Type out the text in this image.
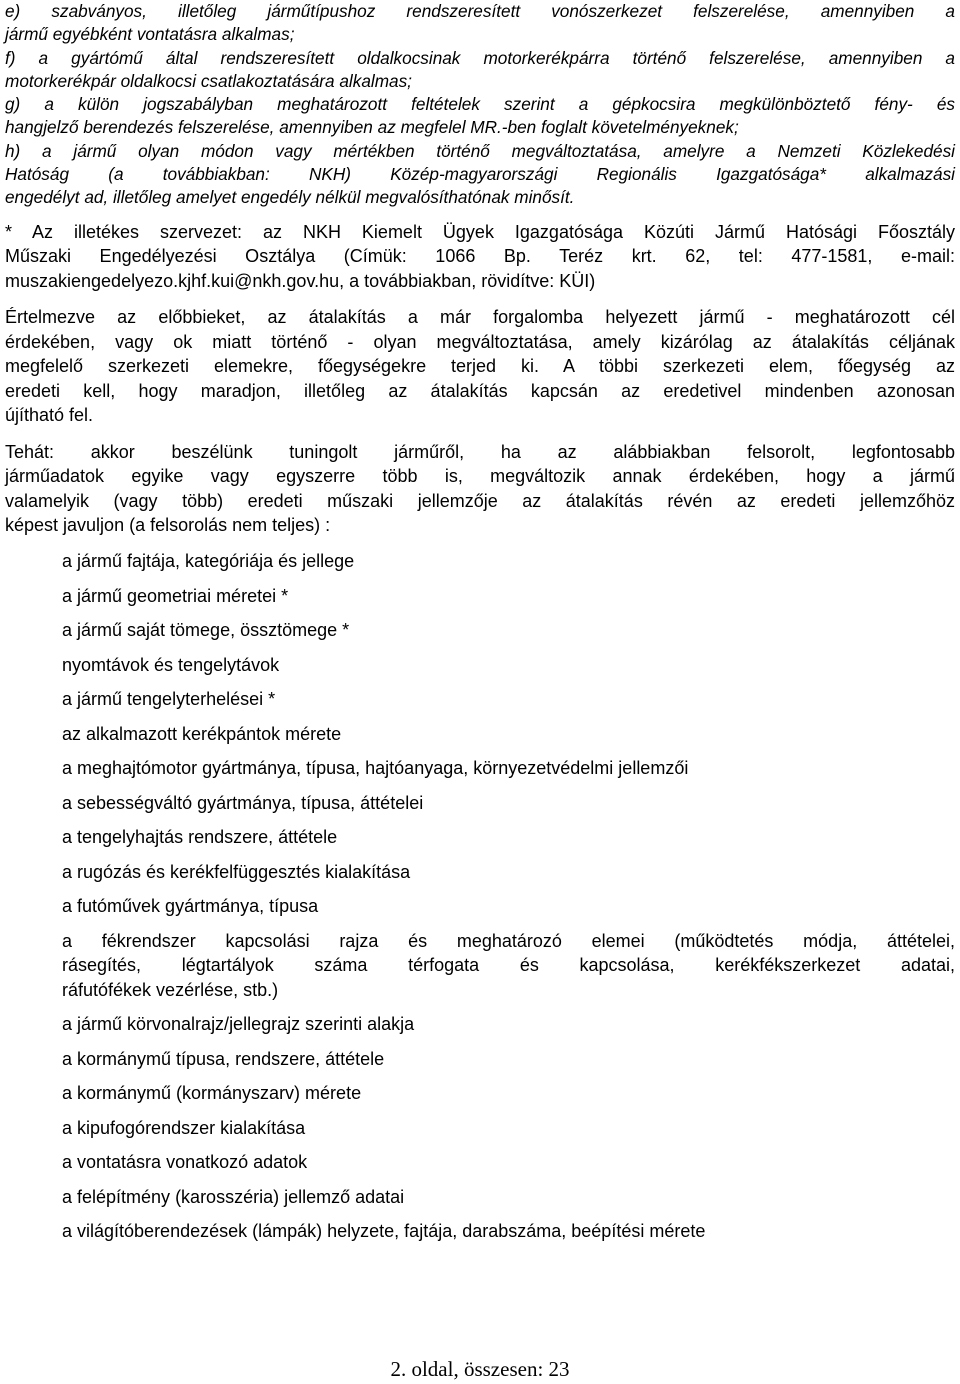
e) szabványos, illetőleg járműtípushoz rendszeresített vonószerkezet felszerelése, amennyiben a
jármű egyébként vontatásra alkalmas;

f) a gyártómű által rendszeresített oldalkocsinak motorkerékpárra történő felszerelése, amennyiben a
motorkerékpár oldalkocsi csatlakoztatására alkalmas;

g) a külön jogszabályban meghatározott feltételek szerint a gépkocsira megkülönböztető fény- és
hangjelző berendezés felszerelése, amennyiben az megfelel MR.-ben foglalt követelményeknek;

h) a jármű olyan módon vagy mértékben történő megváltoztatása, amelyre a Nemzeti Közlekedési
Hatóság (a továbbiakban: NKH) Közép-magyarországi Regionális Igazgatósága* alkalmazási
engedélyt ad, illetőleg amelyet engedély nélkül megvalósíthatónak minősít.

* Az illetékes szervezet: az NKH Kiemelt Ügyek Igazgatósága Közúti Jármű Hatósági Főosztály
Műszaki Engedélyezési Osztálya (Címük: 1066 Bp. Teréz krt. 62, tel: 477-1581, e-mail:
muszakiengedelyezo.kjhf.kui@nkh.gov.hu, a továbbiakban, rövidítve: KÜI)

Értelmezve az előbbieket, az átalakítás a már forgalomba helyezett jármű - meghatározott cél
érdekében, vagy ok miatt történő - olyan megváltoztatása, amely kizárólag az átalakítás céljának
megfelelő szerkezeti elemekre, főegységekre terjed ki. A többi szerkezeti elem, főegység az
eredeti kell, hogy maradjon, illetőleg az átalakítás kapcsán az eredetivel mindenben azonosan
újítható fel.

Tehát: akkor beszélünk tuningolt járműről, ha az alábbiakban felsorolt, legfontosabb
járműadatok egyike vagy egyszerre több is, megváltozik annak érdekében, hogy a jármű
valamelyik (vagy több) eredeti műszaki jellemzője az átalakítás révén az eredeti jellemzőhöz
képest javuljon (a felsorolás nem teljes) :

a jármű fajtája, kategóriája és jellege
a jármű geometriai méretei *
a jármű saját tömege, össztömege *
nyomtávok és tengelytávok
a jármű tengelyterhelései *
az alkalmazott kerékpántok mérete
a meghajtómotor gyártmánya, típusa, hajtóanyaga, környezetvédelmi jellemzői
a sebességváltó gyártmánya, típusa, áttételei
a tengelyhajtás rendszere, áttétele
a rugózás és kerékfelfüggesztés kialakítása
a futóművek gyártmánya, típusa
a fékrendszer kapcsolási rajza és meghatározó elemei (működtetés módja, áttételei,
rásegítés, légtartályok száma térfogata és kapcsolása, kerékfékszerkezet adatai,
ráfutófékek vezérlése, stb.)
a jármű körvonalrajz/jellegrajz szerinti alakja
a kormánymű típusa, rendszere, áttétele
a kormánymű (kormányszarv) mérete
a kipufogórendszer kialakítása
a vontatásra vonatkozó adatok
a felépítmény (karosszéria) jellemző adatai
a világítóberendezések (lámpák) helyzete, fajtája, darabszáma, beépítési mérete
2. oldal, összesen: 23
